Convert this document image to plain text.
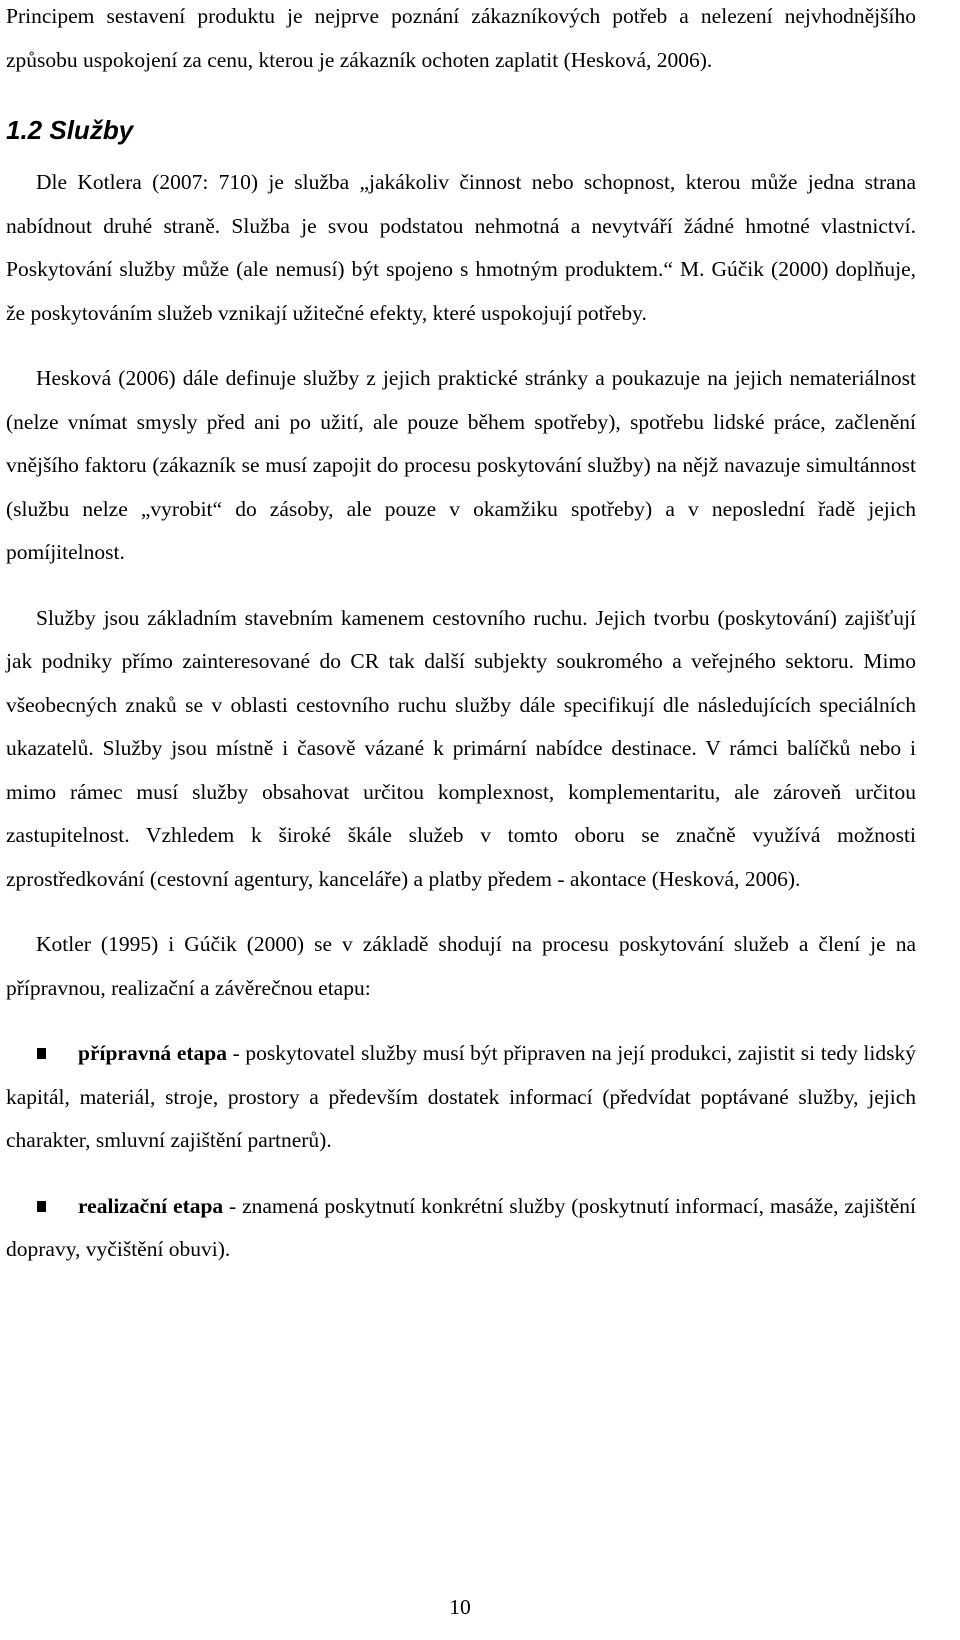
Principem sestavení produktu je nejprve poznání zákazníkových potřeb a nelezení nejvhodnějšího způsobu uspokojení za cenu, kterou je zákazník ochoten zaplatit (Hesková, 2006).

1.2 Služby

Dle Kotlera (2007: 710) je služba „jakákoliv činnost nebo schopnost, kterou může jedna strana nabídnout druhé straně. Služba je svou podstatou nehmotná a nevytváří žádné hmotné vlastnictví. Poskytování služby může (ale nemusí) být spojeno s hmotným produktem.“ M. Gúčik (2000) doplňuje, že poskytováním služeb vznikají užitečné efekty, které uspokojují potřeby.

Hesková (2006) dále definuje služby z jejich praktické stránky a poukazuje na jejich nemateriálnost (nelze vnímat smysly před ani po užití, ale pouze během spotřeby), spotřebu lidské práce, začlenění vnějšího faktoru (zákazník se musí zapojit do procesu poskytování služby) na nějž navazuje simultánnost (službu nelze „vyrobit“ do zásoby, ale pouze v okamžiku spotřeby) a v neposlední řadě jejich pomíjitelnost.

Služby jsou základním stavebním kamenem cestovního ruchu. Jejich tvorbu (poskytování) zajišťují jak podniky přímo zainteresované do CR tak další subjekty soukromého a veřejného sektoru. Mimo všeobecných znaků se v oblasti cestovního ruchu služby dále specifikují dle následujících speciálních ukazatelů. Služby jsou místně i časově vázané k primární nabídce destinace. V rámci balíčků nebo i mimo rámec musí služby obsahovat určitou komplexnost, komplementaritu, ale zároveň určitou zastupitelnost. Vzhledem k široké škále služeb v tomto oboru se značně využívá možnosti zprostředkování (cestovní agentury, kanceláře) a platby předem - akontace (Hesková, 2006).

Kotler (1995) i Gúčik (2000) se v základě shodují na procesu poskytování služeb a člení je na přípravnou, realizační a závěrečnou etapu:

přípravná etapa - poskytovatel služby musí být připraven na její produkci, zajistit si tedy lidský kapitál, materiál, stroje, prostory a především dostatek informací (předvídat poptávané služby, jejich charakter, smluvní zajištění partnerů).

realizační etapa - znamená poskytnutí konkrétní služby (poskytnutí informací, masáže, zajištění dopravy, vyčištění obuvi).

10
